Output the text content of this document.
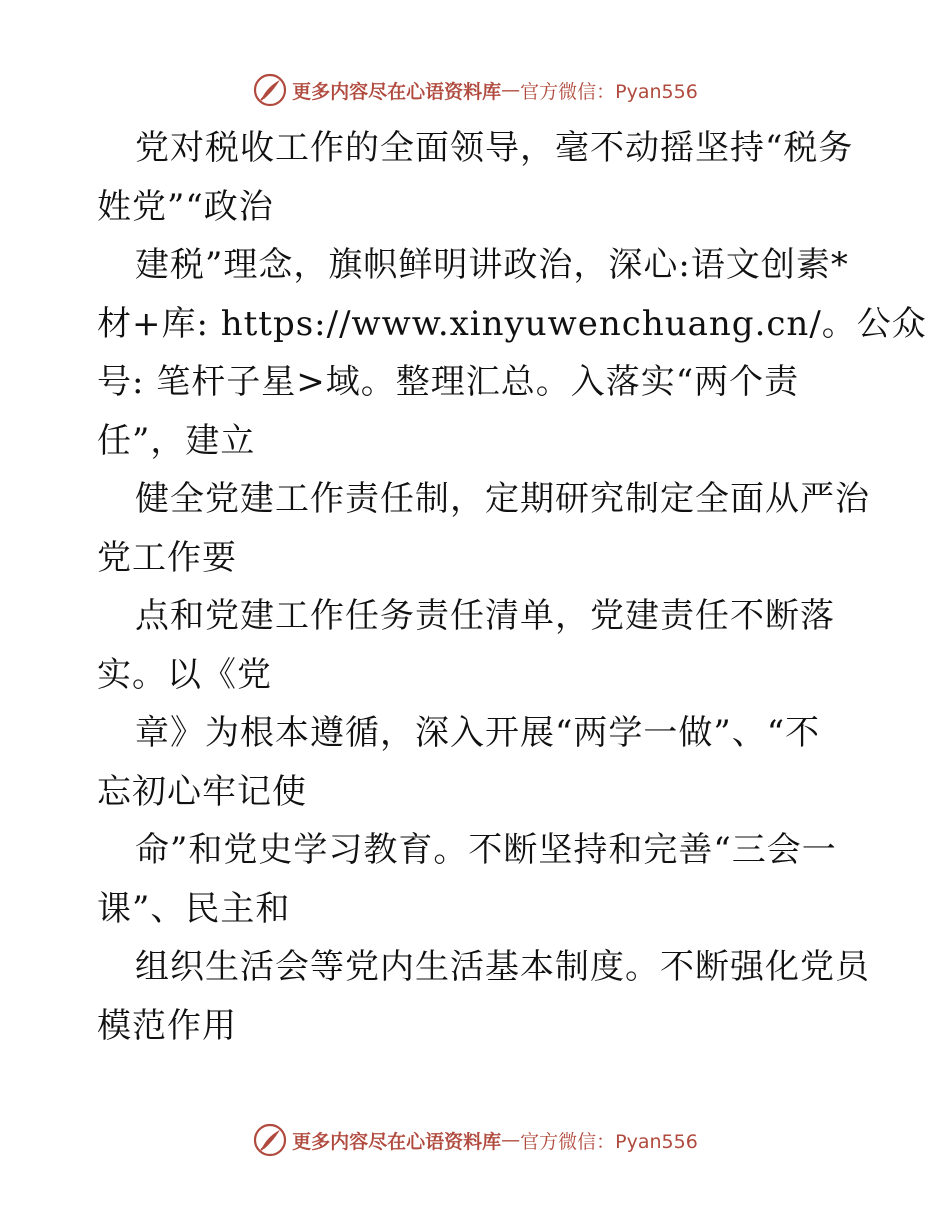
更多内容尽在心语资料库 — 官方微信：Pyan556
党对税收工作的全面领导，毫不动摇坚持“税务
姓党”“政治
建税”理念，旗帜鲜明讲政治，深心:语文创素*
材+库: https://www.xinyuwenchuang.cn/。公众
号: 笔杆子星>域。整理汇总。入落实“两个责
任”，建立
健全党建工作责任制，定期研究制定全面从严治
党工作要
点和党建工作任务责任清单，党建责任不断落
实。以《党
章》为根本遵循，深入开展“两学一做”、“不
忘初心牢记使
命”和党史学习教育。不断坚持和完善“三会一
课”、民主和
组织生活会等党内生活基本制度。不断强化党员
模范作用
更多内容尽在心语资料库 — 官方微信：Pyan556
